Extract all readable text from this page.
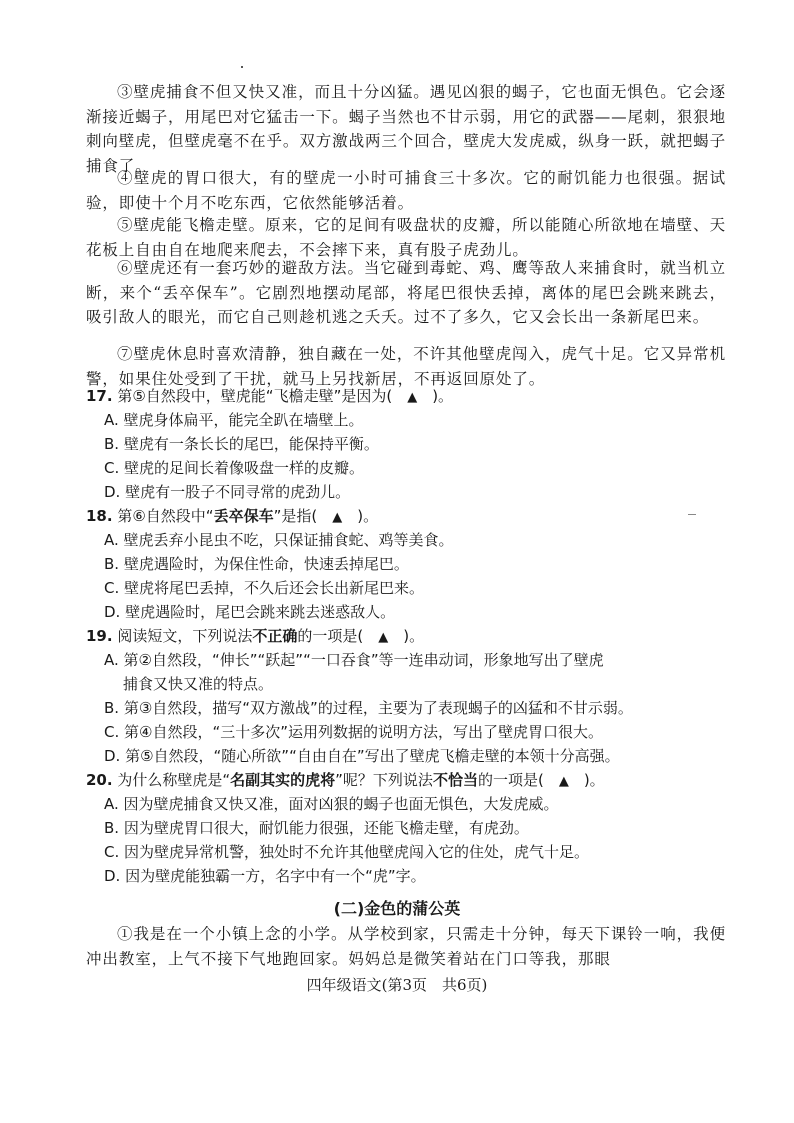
③壁虎捕食不但又快又准，而且十分凶猛。遇见凶狠的蝎子，它也面无惧色。它会逐渐接近蝎子，用尾巴对它猛击一下。蝎子当然也不甘示弱，用它的武器——尾刺，狠狠地刺向壁虎，但壁虎毫不在乎。双方激战两三个回合，壁虎大发虎威，纵身一跃，就把蝎子捕食了。

④壁虎的胃口很大，有的壁虎一小时可捕食三十多次。它的耐饥能力也很强。据试验，即使十个月不吃东西，它依然能够活着。

⑤壁虎能飞檐走壁。原来，它的足间有吸盘状的皮瓣，所以能随心所欲地在墙壁、天花板上自由自在地爬来爬去，不会摔下来，真有股子虎劲儿。

⑥壁虎还有一套巧妙的避敌方法。当它碰到毒蛇、鸡、鹰等敌人来捕食时，就当机立断，来个“丢卒保车”。它剧烈地摆动尾部，将尾巴很快丢掉，离体的尾巴会跳来跳去，吸引敌人的眼光，而它自己则趁机逃之夭夭。过不了多久，它又会长出一条新尾巴来。

⑦壁虎休息时喜欢清静，独自藏在一处，不许其他壁虎闯入，虎气十足。它又异常机警，如果住处受到了干扰，就马上另找新居，不再返回原处了。

17. 第⑤自然段中，壁虎能“飞檐走壁”是因为(　▲　)。

A. 壁虎身体扁平，能完全趴在墙壁上。

B. 壁虎有一条长长的尾巴，能保持平衡。

C. 壁虎的足间长着像吸盘一样的皮瓣。

D. 壁虎有一股子不同寻常的虎劲儿。

18. 第⑥自然段中“丢卒保车”是指(　▲　)。

A. 壁虎丢弃小昆虫不吃，只保证捕食蛇、鸡等美食。

B. 壁虎遇险时，为保住性命，快速丢掉尾巴。

C. 壁虎将尾巴丢掉，不久后还会长出新尾巴来。

D. 壁虎遇险时，尾巴会跳来跳去迷惑敌人。

19. 阅读短文，下列说法不正确的一项是(　▲　)。

A. 第②自然段，“伸长”“跃起”“一口吞食”等一连串动词，形象地写出了壁虎

捕食又快又准的特点。

B. 第③自然段，描写“双方激战”的过程，主要为了表现蝎子的凶猛和不甘示弱。

C. 第④自然段，“三十多次”运用列数据的说明方法，写出了壁虎胃口很大。

D. 第⑤自然段，“随心所欲”“自由自在”写出了壁虎飞檐走壁的本领十分高强。

20. 为什么称壁虎是“名副其实的虎将”呢？下列说法不恰当的一项是(　▲　)。

A. 因为壁虎捕食又快又准，面对凶狠的蝎子也面无惧色，大发虎威。

B. 因为壁虎胃口很大，耐饥能力很强，还能飞檐走壁，有虎劲。

C. 因为壁虎异常机警，独处时不允许其他壁虎闯入它的住处，虎气十足。

D. 因为壁虎能独霸一方，名字中有一个“虎”字。

(二)金色的蒲公英

①我是在一个小镇上念的小学。从学校到家，只需走十分钟，每天下课铃一响，我便冲出教室，上气不接下气地跑回家。妈妈总是微笑着站在门口等我，那眼

四年级语文(第3页　共6页)
